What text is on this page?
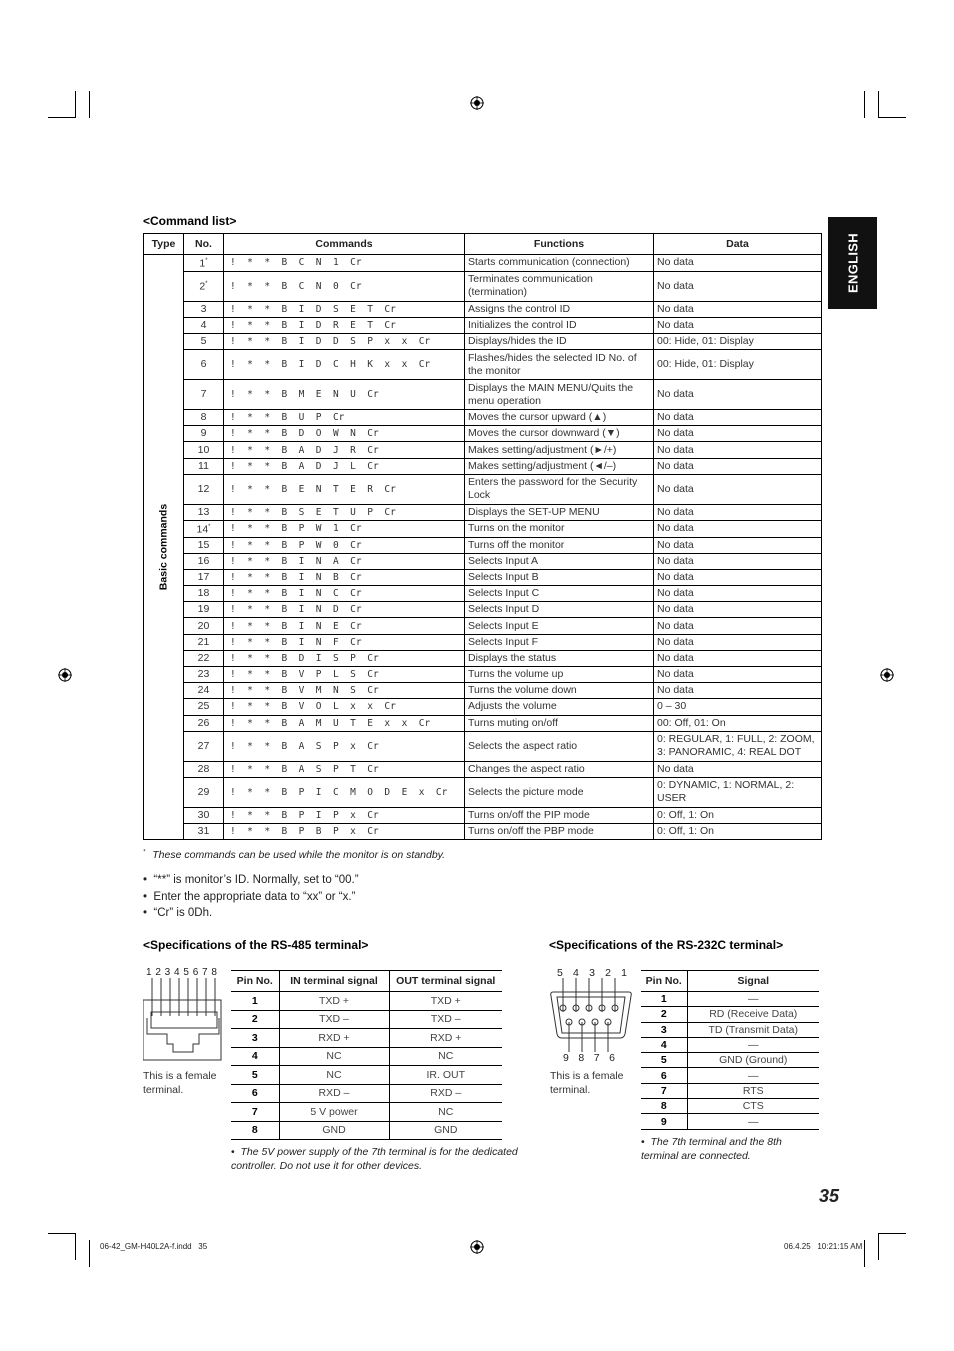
ENGLISH
<Command list>
Type	No.	Commands	Functions	Data

Basic commands	1*	!  *  *  B  C  N  1  Cr	Starts communication (connection)	No data
	2*	!  *  *  B  C  N  0  Cr	Terminates communication (termination)	No data
	3	!  *  *  B  I  D  S  E  T  Cr	Assigns the control ID	No data
	4	!  *  *  B  I  D  R  E  T  Cr	Initializes the control ID	No data
	5	!  *  *  B  I  D  D  S  P  x  x  Cr	Displays/hides the ID	00: Hide, 01: Display
	6	!  *  *  B  I  D  C  H  K  x  x  Cr	Flashes/hides the selected ID No. of the monitor	00: Hide, 01: Display
	7	!  *  *  B  M  E  N  U  Cr	Displays the MAIN MENU/Quits the menu operation	No data
	8	!  *  *  B  U  P  Cr	Moves the cursor upward (▲)	No data
	9	!  *  *  B  D  O  W  N  Cr	Moves the cursor downward (▼)	No data
	10	!  *  *  B  A  D  J  R  Cr	Makes setting/adjustment (►/+)	No data
	11	!  *  *  B  A  D  J  L  Cr	Makes setting/adjustment (◄/–)	No data
	12	!  *  *  B  E  N  T  E  R  Cr	Enters the password for the Security Lock	No data
	13	!  *  *  B  S  E  T  U  P  Cr	Displays the SET-UP MENU	No data
	14*	!  *  *  B  P  W  1  Cr	Turns on the monitor	No data
	15	!  *  *  B  P  W  0  Cr	Turns off the monitor	No data
	16	!  *  *  B  I  N  A  Cr	Selects Input A	No data
	17	!  *  *  B  I  N  B  Cr	Selects Input B	No data
	18	!  *  *  B  I  N  C  Cr	Selects Input C	No data
	19	!  *  *  B  I  N  D  Cr	Selects Input D	No data
	20	!  *  *  B  I  N  E  Cr	Selects Input E	No data
	21	!  *  *  B  I  N  F  Cr	Selects Input F	No data
	22	!  *  *  B  D  I  S  P  Cr	Displays the status	No data
	23	!  *  *  B  V  P  L  S  Cr	Turns the volume up	No data
	24	!  *  *  B  V  M  N  S  Cr	Turns the volume down	No data
	25	!  *  *  B  V  O  L  x  x  Cr	Adjusts the volume	0 – 30
	26	!  *  *  B  A  M  U  T  E  x  x  Cr	Turns muting on/off	00: Off, 01: On
	27	!  *  *  B  A  S  P  x  Cr	Selects the aspect ratio	0: REGULAR, 1: FULL, 2: ZOOM, 3: PANORAMIC, 4: REAL DOT
	28	!  *  *  B  A  S  P  T  Cr	Changes the aspect ratio	No data
	29	!  *  *  B  P  I  C  M  O  D  E  x  Cr	Selects the picture mode	0: DYNAMIC, 1: NORMAL, 2: USER
	30	!  *  *  B  P  I  P  x  Cr	Turns on/off the PIP mode	0: Off, 1: On
	31	!  *  *  B  P  B  P  x  Cr	Turns on/off the PBP mode	0: Off, 1: On
* These commands can be used while the monitor is on standby.
•  “**” is monitor’s ID. Normally, set to “00.”
•  Enter the appropriate data to “xx” or “x.”
•  “Cr” is 0Dh.
<Specifications of the RS-485 terminal>
1 2 3 4 5 6 7 8
This is a female terminal.
Pin No.	IN terminal signal	OUT terminal signal
1	TXD +	TXD +
2	TXD –	TXD –
3	RXD +	RXD +
4	NC	NC
5	NC	IR. OUT
6	RXD –	RXD –
7	5 V power	NC
8	GND	GND
•  The 5V power supply of the 7th terminal is for the dedicated controller. Do not use it for other devices.
<Specifications of the RS-232C terminal>
5 4 3 2 1
9 8 7 6
This is a female terminal.
Pin No.	Signal
1	—
2	RD (Receive Data)
3	TD (Transmit Data)
4	—
5	GND (Ground)
6	—
7	RTS
8	CTS
9	—
•  The 7th terminal and the 8th terminal are connected.
35
06-42_GM-H40L2A-f.indd   35	06.4.25   10:21:15 AM
